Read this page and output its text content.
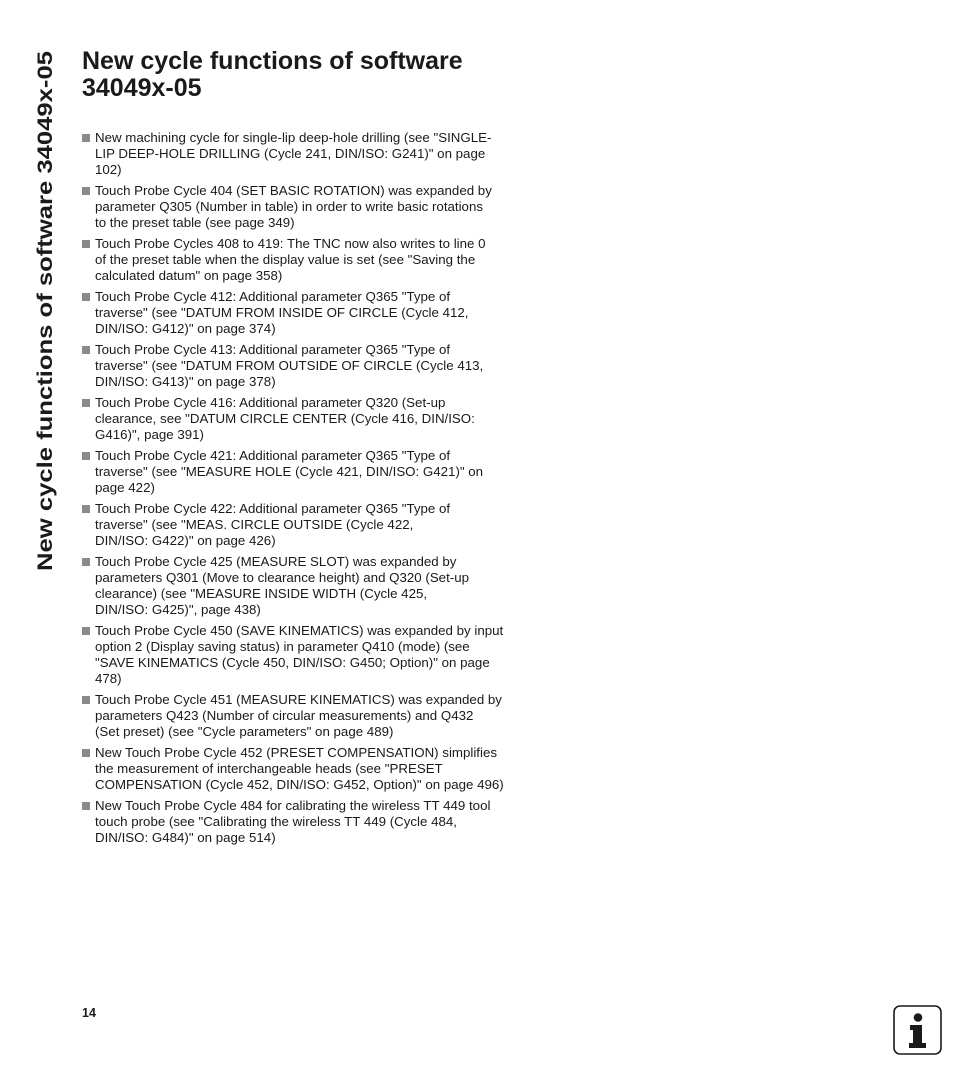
New cycle functions of software 34049x-05
New cycle functions of software
34049x-05
New machining cycle for single-lip deep-hole drilling (see "SINGLE-
LIP DEEP-HOLE DRILLING (Cycle 241, DIN/ISO: G241)" on page
102)
Touch Probe Cycle 404 (SET BASIC ROTATION) was expanded by
parameter Q305 (Number in table) in order to write basic rotations
to the preset table (see page 349)
Touch Probe Cycles 408 to 419: The TNC now also writes to line 0
of the preset table when the display value is set (see "Saving the
calculated datum" on page 358)
Touch Probe Cycle 412: Additional parameter Q365 "Type of
traverse" (see "DATUM FROM INSIDE OF CIRCLE (Cycle 412,
DIN/ISO: G412)" on page 374)
Touch Probe Cycle 413: Additional parameter Q365 "Type of
traverse" (see "DATUM FROM OUTSIDE OF CIRCLE (Cycle 413,
DIN/ISO: G413)" on page 378)
Touch Probe Cycle 416: Additional parameter Q320 (Set-up
clearance, see "DATUM CIRCLE CENTER (Cycle 416, DIN/ISO:
G416)", page 391)
Touch Probe Cycle 421: Additional parameter Q365 "Type of
traverse" (see "MEASURE HOLE (Cycle 421, DIN/ISO: G421)" on
page 422)
Touch Probe Cycle 422: Additional parameter Q365 "Type of
traverse" (see "MEAS. CIRCLE OUTSIDE (Cycle 422,
DIN/ISO: G422)" on page 426)
Touch Probe Cycle 425 (MEASURE SLOT) was expanded by
parameters Q301 (Move to clearance height) and Q320 (Set-up
clearance) (see "MEASURE INSIDE WIDTH (Cycle 425,
DIN/ISO: G425)", page 438)
Touch Probe Cycle 450 (SAVE KINEMATICS) was expanded by input
option 2 (Display saving status) in parameter Q410 (mode) (see
"SAVE KINEMATICS (Cycle 450, DIN/ISO: G450; Option)" on page
478)
Touch Probe Cycle 451 (MEASURE KINEMATICS) was expanded by
parameters Q423 (Number of circular measurements) and Q432
(Set preset) (see "Cycle parameters" on page 489)
New Touch Probe Cycle 452 (PRESET COMPENSATION) simplifies
the measurement of interchangeable heads (see "PRESET
COMPENSATION (Cycle 452, DIN/ISO: G452, Option)" on page 496)
New Touch Probe Cycle 484 for calibrating the wireless TT 449 tool
touch probe (see "Calibrating the wireless TT 449 (Cycle 484,
DIN/ISO: G484)" on page 514)
14
